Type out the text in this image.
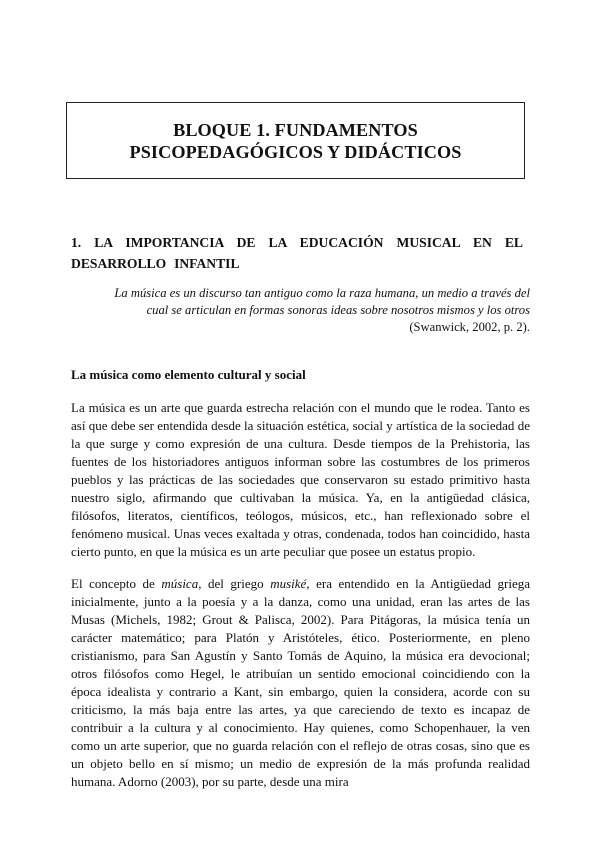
BLOQUE 1. FUNDAMENTOS
PSICOPEDAGÓGICOS Y DIDÁCTICOS
1. LA IMPORTANCIA DE LA EDUCACIÓN MUSICAL EN EL DESARROLLO INFANTIL
La música es un discurso tan antiguo como la raza humana, un medio a través del
cual se articulan en formas sonoras ideas sobre nosotros mismos y los otros
(Swanwick, 2002, p. 2).
La música como elemento cultural y social

La música es un arte que guarda estrecha relación con el mundo que le rodea. Tanto es así que debe ser entendida desde la situación estética, social y artística de la sociedad de la que surge y como expresión de una cultura. Desde tiempos de la Prehistoria, las fuentes de los historiadores antiguos informan sobre las costumbres de los primeros pueblos y las prácticas de las sociedades que conservaron su estado primitivo hasta nuestro siglo, afirmando que cultivaban la música. Ya, en la antigüedad clásica, filósofos, literatos, científicos, teólogos, músicos, etc., han reflexionado sobre el fenómeno musical. Unas veces exaltada y otras, condenada, todos han coincidido, hasta cierto punto, en que la música es un arte peculiar que posee un estatus propio.

El concepto de música, del griego musiké, era entendido en la Antigüedad griega inicialmente, junto a la poesía y a la danza, como una unidad, eran las artes de las Musas (Michels, 1982; Grout & Palisca, 2002). Para Pitágoras, la música tenía un carácter matemático; para Platón y Aristóteles, ético. Posteriormente, en pleno cristianismo, para San Agustín y Santo Tomás de Aquino, la música era devocional; otros filósofos como Hegel, le atribuían un sentido emocional coincidiendo con la época idealista y contrario a Kant, sin embargo, quien la considera, acorde con su criticismo, la más baja entre las artes, ya que careciendo de texto es incapaz de contribuir a la cultura y al conocimiento. Hay quienes, como Schopenhauer, la ven como un arte superior, que no guarda relación con el reflejo de otras cosas, sino que es un objeto bello en sí mismo; un medio de expresión de la más profunda realidad humana. Adorno (2003), por su parte, desde una mira
